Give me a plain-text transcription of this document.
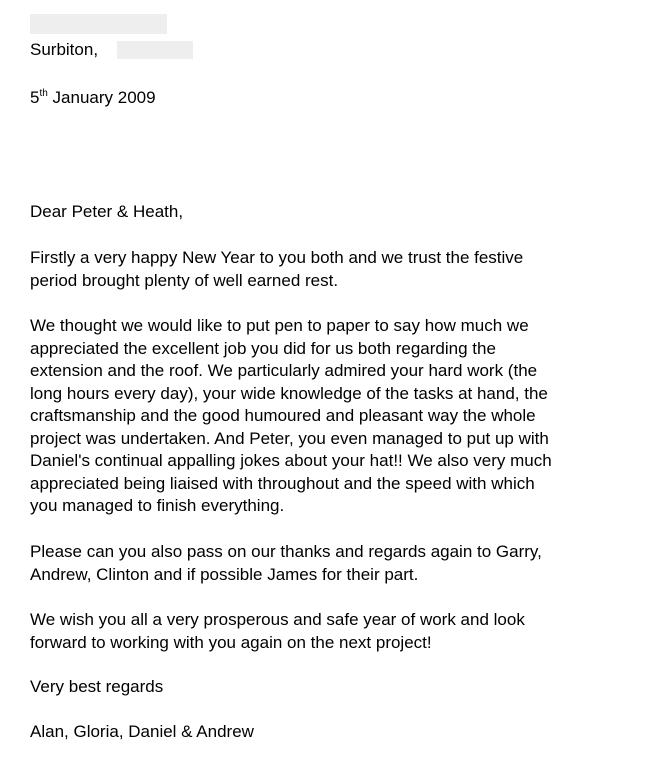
Surbiton,
5th January 2009
Dear Peter & Heath,

Firstly a very happy New Year to you both and we trust the festive

period brought plenty of well earned rest.

We thought we would like to put pen to paper to say how much we

appreciated the excellent job you did for us both regarding the

extension and the roof. We particularly admired your hard work (the

long hours every day), your wide knowledge of the tasks at hand, the

craftsmanship and the good humoured and pleasant way the whole

project was undertaken. And Peter, you even managed to put up with

Daniel's continual appalling jokes about your hat!! We also very much

appreciated being liaised with throughout and the speed with which

you managed to finish everything.

Please can you also pass on our thanks and regards again to Garry,

Andrew, Clinton and if possible James for their part.

We wish you all a very prosperous and safe year of work and look

forward to working with you again on the next project!

Very best regards
Alan, Gloria, Daniel & Andrew
